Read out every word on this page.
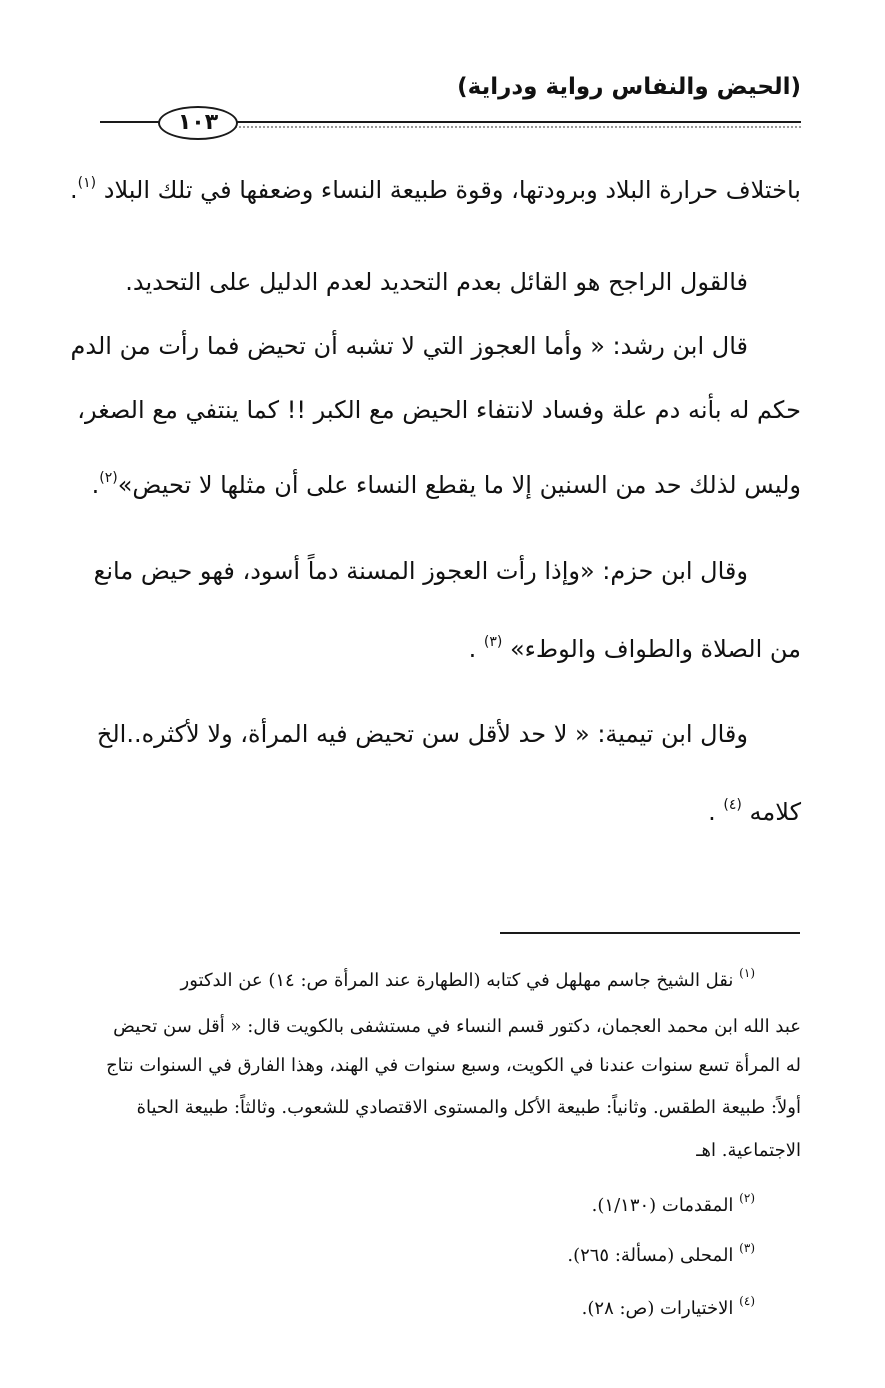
(الحيض والنفاس رواية ودراية)
١٠٣
باختلاف حرارة البلاد وبرودتها، وقوة طبيعة النساء وضعفها في تلك البلاد $^{(١)}$.
فالقول الراجح هو القائل بعدم التحديد لعدم الدليل على التحديد.
قال ابن رشد: « وأما العجوز التي لا تشبه أن تحيض فما رأت من الدم
حكم له بأنه دم علة وفساد لانتفاء الحيض مع الكبر !! كما ينتفي مع الصغر،
وليس لذلك حد من السنين إلا ما يقطع النساء على أن مثلها لا تحيض»$^{(٢)}$.
وقال ابن حزم: «وإذا رأت العجوز المسنة دماً أسود، فهو حيض مانع
من الصلاة والطواف والوطء» $^{(٣)}$ .
وقال ابن تيمية: « لا حد لأقل سن تحيض فيه المرأة، ولا لأكثره..الخ
كلامه $^{(٤)}$ .
$^{(١)}$ نقل الشيخ جاسم مهلهل في كتابه (الطهارة عند المرأة ص: ١٤) عن الدكتور
عبد الله ابن محمد العجمان، دكتور قسم النساء في مستشفى بالكويت قال: « أقل سن تحيض
له المرأة تسع سنوات عندنا في الكويت، وسبع سنوات في الهند، وهذا الفارق في السنوات نتاج
أولاً: طبيعة الطقس. وثانياً: طبيعة الأكل والمستوى الاقتصادي للشعوب. وثالثاً: طبيعة الحياة
الاجتماعية. اهـ
$^{(٢)}$ المقدمات (١/١٣٠).
$^{(٣)}$ المحلى (مسألة: ٢٦٥).
$^{(٤)}$ الاختيارات (ص: ٢٨).
